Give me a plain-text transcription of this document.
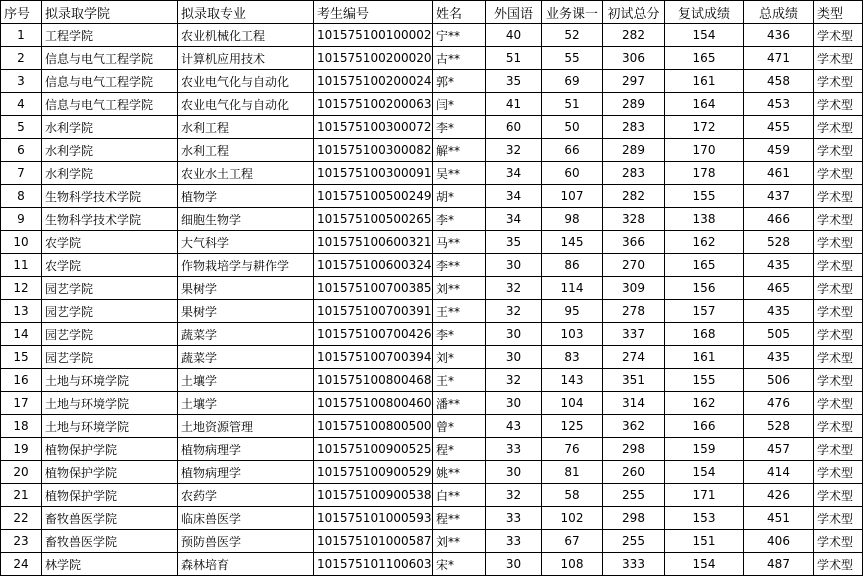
序号	拟录取学院	拟录取专业	考生编号	姓名	外国语	业务课一	初试总分	复试成绩	总成绩	类型
1	工程学院	农业机械化工程	101575100100002	宁**	40	52	282	154	436	学术型
2	信息与电气工程学院	计算机应用技术	101575100200020	古**	51	55	306	165	471	学术型
3	信息与电气工程学院	农业电气化与自动化	101575100200024	郭*	35	69	297	161	458	学术型
4	信息与电气工程学院	农业电气化与自动化	101575100200063	闫*	41	51	289	164	453	学术型
5	水利学院	水利工程	101575100300072	李*	60	50	283	172	455	学术型
6	水利学院	水利工程	101575100300082	解**	32	66	289	170	459	学术型
7	水利学院	农业水土工程	101575100300091	吴**	34	60	283	178	461	学术型
8	生物科学技术学院	植物学	101575100500249	胡*	34	107	282	155	437	学术型
9	生物科学技术学院	细胞生物学	101575100500265	李*	34	98	328	138	466	学术型
10	农学院	大气科学	101575100600321	马**	35	145	366	162	528	学术型
11	农学院	作物栽培学与耕作学	101575100600324	李**	30	86	270	165	435	学术型
12	园艺学院	果树学	101575100700385	刘**	32	114	309	156	465	学术型
13	园艺学院	果树学	101575100700391	王**	32	95	278	157	435	学术型
14	园艺学院	蔬菜学	101575100700426	李*	30	103	337	168	505	学术型
15	园艺学院	蔬菜学	101575100700394	刘*	30	83	274	161	435	学术型
16	土地与环境学院	土壤学	101575100800468	王*	32	143	351	155	506	学术型
17	土地与环境学院	土壤学	101575100800460	潘**	30	104	314	162	476	学术型
18	土地与环境学院	土地资源管理	101575100800500	曾*	43	125	362	166	528	学术型
19	植物保护学院	植物病理学	101575100900525	程*	33	76	298	159	457	学术型
20	植物保护学院	植物病理学	101575100900529	姚**	30	81	260	154	414	学术型
21	植物保护学院	农药学	101575100900538	白**	32	58	255	171	426	学术型
22	畜牧兽医学院	临床兽医学	101575101000593	程**	33	102	298	153	451	学术型
23	畜牧兽医学院	预防兽医学	101575101000587	刘**	33	67	255	151	406	学术型
24	林学院	森林培育	101575101100603	宋*	30	108	333	154	487	学术型
